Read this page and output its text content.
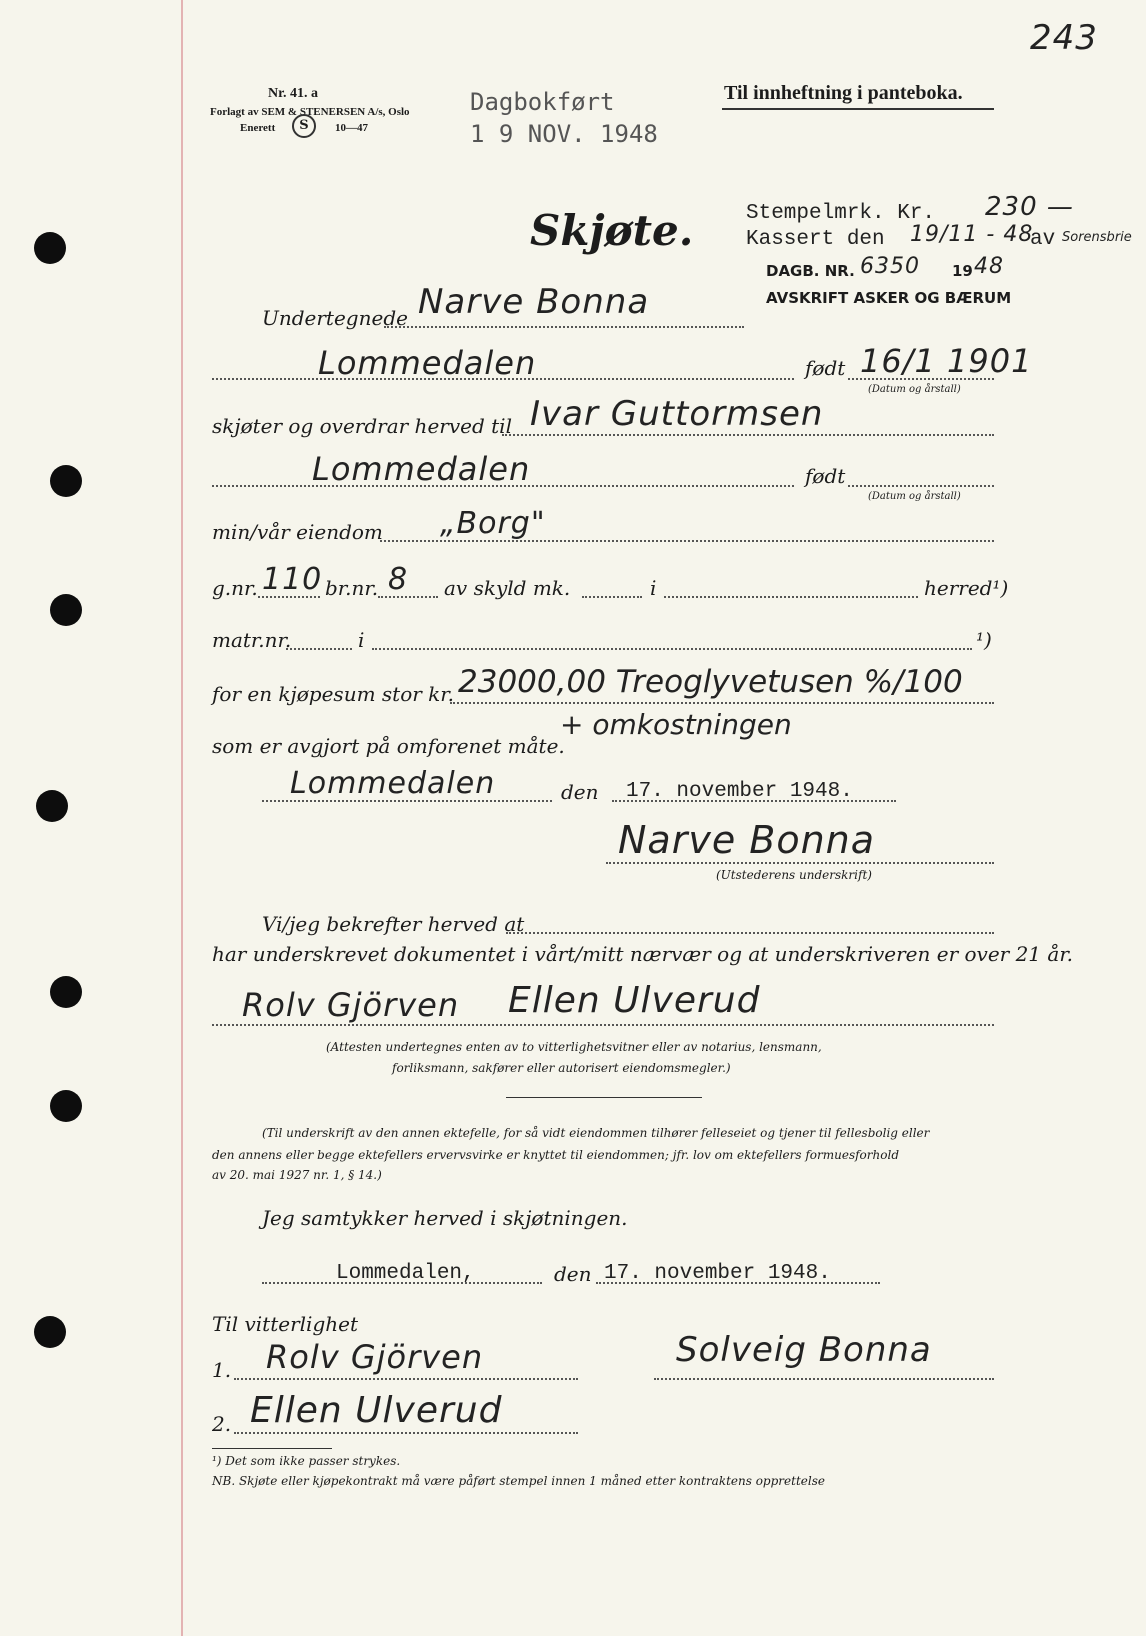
243
Nr. 41. a
Forlagt av SEM & STENERSEN A/s, Oslo
Enerett	S	10—47
Dagbokført
1 9 NOV. 1948
Til innheftning i panteboka.
Skjøte.	Stempelmrk. Kr. 230 —
Kassert den 19/11 - 48
av Sorensbrie
DAGB. NR. 6350 19 48
AVSKRIFT ASKER OG BÆRUM
Undertegnede Narve Bonna
Lommedalen	født 16/1 1901
(Datum og årstall)
skjøter og overdrar herved til Ivar Guttormsen
Lommedalen	født
(Datum og årstall)
min/vår eiendom „Borg"
g.nr. 110 br.nr. 8 av skyld mk.	i	herred¹)
matr.nr.	i	¹)
for en kjøpesum stor kr. 23000,00 Treoglyvetusen %/100
som er avgjort på omforenet måte.
+ omkostningen
Lommedalen	den 17. november 1948.
Narve Bonna
(Utstederens underskrift)
Vi/jeg bekrefter herved at
har underskrevet dokumentet i vårt/mitt nærvær og at underskriveren er over 21 år.
Rolv Gjörven Ellen Ulverud
(Attesten undertegnes enten av to vitterlighetsvitner eller av notarius, lensmann,
forliksmann, sakfører eller autorisert eiendomsmegler.)
(Til underskrift av den annen ektefelle, for så vidt eiendommen tilhører felleseiet og tjener til fellesbolig eller
den annens eller begge ektefellers ervervsvirke er knyttet til eiendommen; jfr. lov om ektefellers formuesforhold
av 20. mai 1927 nr. 1, § 14.)
Jeg samtykker herved i skjøtningen.
Lommedalen,	den 17. november 1948.
Til vitterlighet
1. Rolv Gjörven	Solveig Bonna
2. Ellen Ulverud
¹) Det som ikke passer strykes.
NB. Skjøte eller kjøpekontrakt må være påført stempel innen 1 måned etter kontraktens opprettelse
